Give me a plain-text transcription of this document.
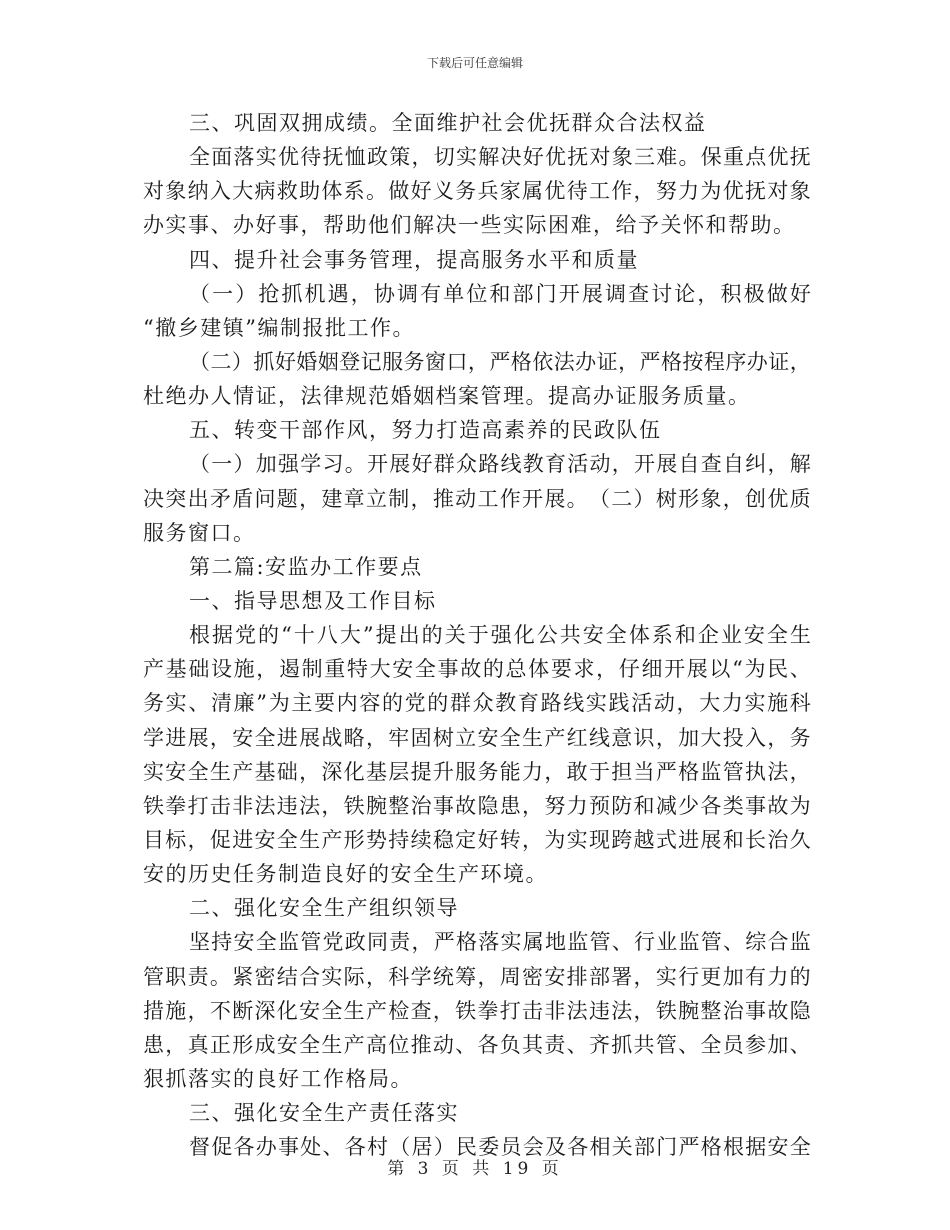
下载后可任意编辑
三、巩固双拥成绩。全面维护社会优抚群众合法权益
全 面 落 实 优 待 抚 恤 政 策 ， 切 实 解 决 好 优 抚 对 象 三 难 。 保 重 点 优 抚
对 象 纳 入 大 病 救 助 体 系 。 做 好 义 务 兵 家 属 优 待 工 作 ， 努 力 为 优 抚 对 象
办实事、办好事，帮助他们解决一些实际困难，给予关怀和帮助。
四、提升社会事务管理，提高服务水平和质量
（ 一 ） 抢 抓 机 遇 ， 协 调 有 单 位 和 部 门 开 展 调 查 讨 论 ， 积 极 做 好
“撤乡建镇”编制报批工作。
（ 二 ） 抓 好 婚 姻 登 记 服 务 窗 口 ， 严 格 依 法 办 证 ， 严 格 按 程 序 办 证 ，
杜绝办人情证，法律规范婚姻档案管理。提高办证服务质量。
五、转变干部作风，努力打造高素养的民政队伍
（ 一 ） 加 强 学 习 。 开 展 好 群 众 路 线 教 育 活 动 ， 开 展 自 查 自 纠 ， 解
决 突 出 矛 盾 问 题 ， 建 章 立 制 ， 推 动 工 作 开 展 。 （ 二 ） 树 形 象 ， 创 优 质
服务窗口。
第二篇:安监办工作要点
一、指导思想及工作目标
根 据 党 的 “ 十 八 大 ” 提 出 的 关 于 强 化 公 共 安 全 体 系 和 企 业 安 全 生
产 基 础 设 施 ， 遏 制 重 特 大 安 全 事 故 的 总 体 要 求 ， 仔 细 开 展 以 “ 为 民 、
务 实 、 清 廉 ” 为 主 要 内 容 的 党 的 群 众 教 育 路 线 实 践 活 动 ， 大 力 实 施 科
学 进 展 ， 安 全 进 展 战 略 ， 牢 固 树 立 安 全 生 产 红 线 意 识 ， 加 大 投 入 ， 务
实 安 全 生 产 基 础 ， 深 化 基 层 提 升 服 务 能 力 ， 敢 于 担 当 严 格 监 管 执 法 ，
铁 拳 打 击 非 法 违 法 ， 铁 腕 整 治 事 故 隐 患 ， 努 力 预 防 和 减 少 各 类 事 故 为
目 标 ， 促 进 安 全 生 产 形 势 持 续 稳 定 好 转 ， 为 实 现 跨 越 式 进 展 和 长 治 久
安的历史任务制造良好的安全生产环境。
二、强化安全生产组织领导
坚 持 安 全 监 管 党 政 同 责 ， 严 格 落 实 属 地 监 管 、 行 业 监 管 、 综 合 监
管 职 责 。 紧 密 结 合 实 际 ， 科 学 统 筹 ， 周 密 安 排 部 署 ， 实 行 更 加 有 力 的
措 施 ， 不 断 深 化 安 全 生 产 检 查 ， 铁 拳 打 击 非 法 违 法 ， 铁 腕 整 治 事 故 隐
患 ， 真 正 形 成 安 全 生 产 高 位 推 动 、 各 负 其 责 、 齐 抓 共 管 、 全 员 参 加 、
狠抓落实的良好工作格局。
三、强化安全生产责任落实
督 促 各 办 事 处 、 各 村 （ 居 ） 民 委 员 会 及 各 相 关 部 门 严 格 根 据 安 全
第 3 页 共 19 页
